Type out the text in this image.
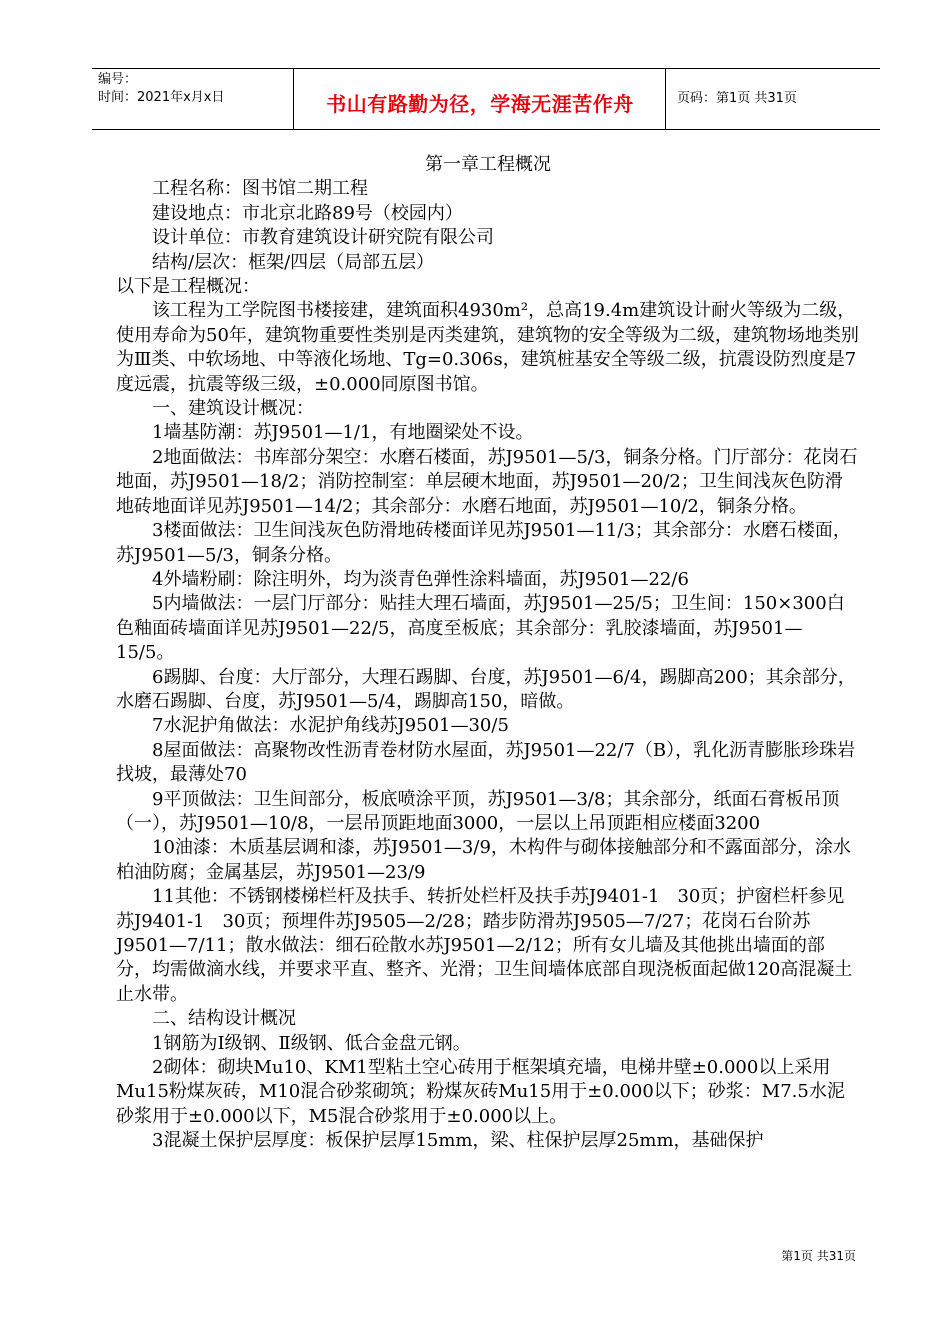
编号：
时间：2021年x月x日	书山有路勤为径，学海无涯苦作舟	页码：第1页 共31页

第一章工程概况

工程名称：图书馆二期工程

建设地点：市北京北路89号（校园内）

设计单位：市教育建筑设计研究院有限公司

结构/层次：框架/四层（局部五层）

以下是工程概况：

该工程为工学院图书楼接建，建筑面积4930m²，总高19.4m建筑设计耐火等级为二级，使用寿命为50年，建筑物重要性类别是丙类建筑，建筑物的安全等级为二级，建筑物场地类别为Ⅲ类、中软场地、中等液化场地、Tg=0.306s，建筑桩基安全等级二级，抗震设防烈度是7度远震，抗震等级三级，±0.000同原图书馆。

一、建筑设计概况：

1墙基防潮：苏J9501—1/1，有地圈梁处不设。

2地面做法：书库部分架空：水磨石楼面，苏J9501—5/3，铜条分格。门厅部分：花岗石地面，苏J9501—18/2；消防控制室：单层硬木地面，苏J9501—20/2；卫生间浅灰色防滑地砖地面详见苏J9501—14/2；其余部分：水磨石地面，苏J9501—10/2，铜条分格。

3楼面做法：卫生间浅灰色防滑地砖楼面详见苏J9501—11/3；其余部分：水磨石楼面，苏J9501—5/3，铜条分格。

4外墙粉刷：除注明外，均为淡青色弹性涂料墙面，苏J9501—22/6

5内墙做法：一层门厅部分：贴挂大理石墙面，苏J9501—25/5；卫生间：150×300白色釉面砖墙面详见苏J9501—22/5，高度至板底；其余部分：乳胶漆墙面，苏J9501—15/5。

6踢脚、台度：大厅部分，大理石踢脚、台度，苏J9501—6/4，踢脚高200；其余部分，水磨石踢脚、台度，苏J9501—5/4，踢脚高150，暗做。

7水泥护角做法：水泥护角线苏J9501—30/5

8屋面做法：高聚物改性沥青卷材防水屋面，苏J9501—22/7（B），乳化沥青膨胀珍珠岩找坡，最薄处70

9平顶做法：卫生间部分，板底喷涂平顶，苏J9501—3/8；其余部分，纸面石膏板吊顶（一），苏J9501—10/8，一层吊顶距地面3000，一层以上吊顶距相应楼面3200

10油漆：木质基层调和漆，苏J9501—3/9，木构件与砌体接触部分和不露面部分，涂水柏油防腐；金属基层，苏J9501—23/9

11其他：不锈钢楼梯栏杆及扶手、转折处栏杆及扶手苏J9401-1　30页；护窗栏杆参见苏J9401-1　30页；预埋件苏J9505—2/28；踏步防滑苏J9505—7/27；花岗石台阶苏J9501—7/11；散水做法：细石砼散水苏J9501—2/12；所有女儿墙及其他挑出墙面的部分，均需做滴水线，并要求平直、整齐、光滑；卫生间墙体底部自现浇板面起做120高混凝土止水带。

二、结构设计概况

1钢筋为Ⅰ级钢、Ⅱ级钢、低合金盘元钢。

2砌体：砌块Mu10、KM1型粘土空心砖用于框架填充墙，电梯井壁±0.000以上采用Mu15粉煤灰砖，M10混合砂浆砌筑；粉煤灰砖Mu15用于±0.000以下；砂浆：M7.5水泥砂浆用于±0.000以下，M5混合砂浆用于±0.000以上。

3混凝土保护层厚度：板保护层厚15mm，梁、柱保护层厚25mm，基础保护

第1页 共31页
